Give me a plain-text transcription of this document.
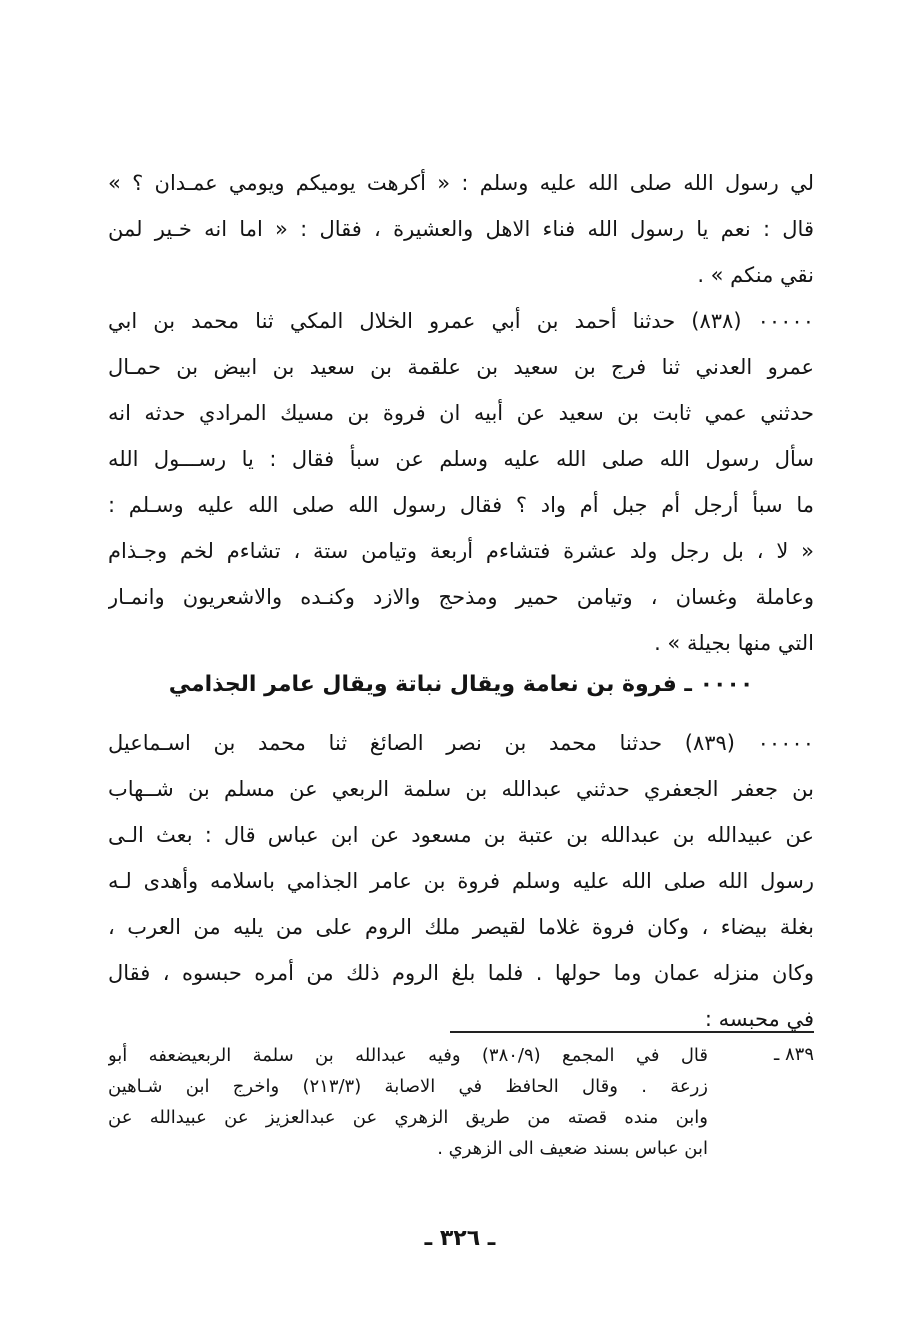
لي رسول الله صلى الله عليه وسلم : « أكرهت يوميكم ويومي عمـدان ؟ »
قال : نعم يا رسول الله فناء الاهل والعشيرة ، فقال : « اما انه خـير لمن
نقي منكم » .
٠٠٠٠٠ (٨٣٨) حدثنا أحمد بن أبي عمرو الخلال المكي ثنا محمد بن ابي
عمرو العدني ثنا فرج بن سعيد بن علقمة بن سعيد بن ابيض بن حمـال
حدثني عمي ثابت بن سعيد عن أبيه ان فروة بن مسيك المرادي حدثه انه
سأل رسول الله صلى الله عليه وسلم عن سبأ فقال : يا رســـول الله
ما سبأ أرجل أم جبل أم واد ؟ فقال رسول الله صلى الله عليه وسـلم :
« لا ، بل رجل ولد عشرة فتشاءم أربعة وتيامن ستة ، تشاءم لخم وجـذام
وعاملة وغسان ، وتيامن حمير ومذحج والازد وكنـده والاشعريون وانمـار
التي منها بجيلة » .
٠٠٠٠ ـ فروة بن نعامة ويقال نباتة ويقال عامر الجذامي
٠٠٠٠٠ (٨٣٩) حدثنا محمد بن نصر الصائغ ثنا محمد بن اسـماعيل
بن جعفر الجعفري حدثني عبدالله بن سلمة الربعي عن مسلم بن شــهاب
عن عبيدالله بن عبدالله بن عتبة بن مسعود عن ابن عباس قال : بعث الـى
رسول الله صلى الله عليه وسلم فروة بن عامر الجذامي باسلامه وأهدى لـه
بغلة بيضاء ، وكان فروة غلاما لقيصر ملك الروم على من يليه من العرب ،
وكان منزله عمان وما حولها . فلما بلغ الروم ذلك من أمره حبسوه ، فقال
في محبسه :
٨٣٩ ـ
قال في المجمع (٣٨٠/٩) وفيه عبدالله بن سلمة الربعيضعفه أبو
زرعة . وقال الحافظ في الاصابة (٢١٣/٣) واخرج ابن شـاهين
وابن منده قصته من طريق الزهري عن عبدالعزيز عن عبيدالله عن
ابن عباس بسند ضعيف الى الزهري .
ـ ٣٢٦ ـ
